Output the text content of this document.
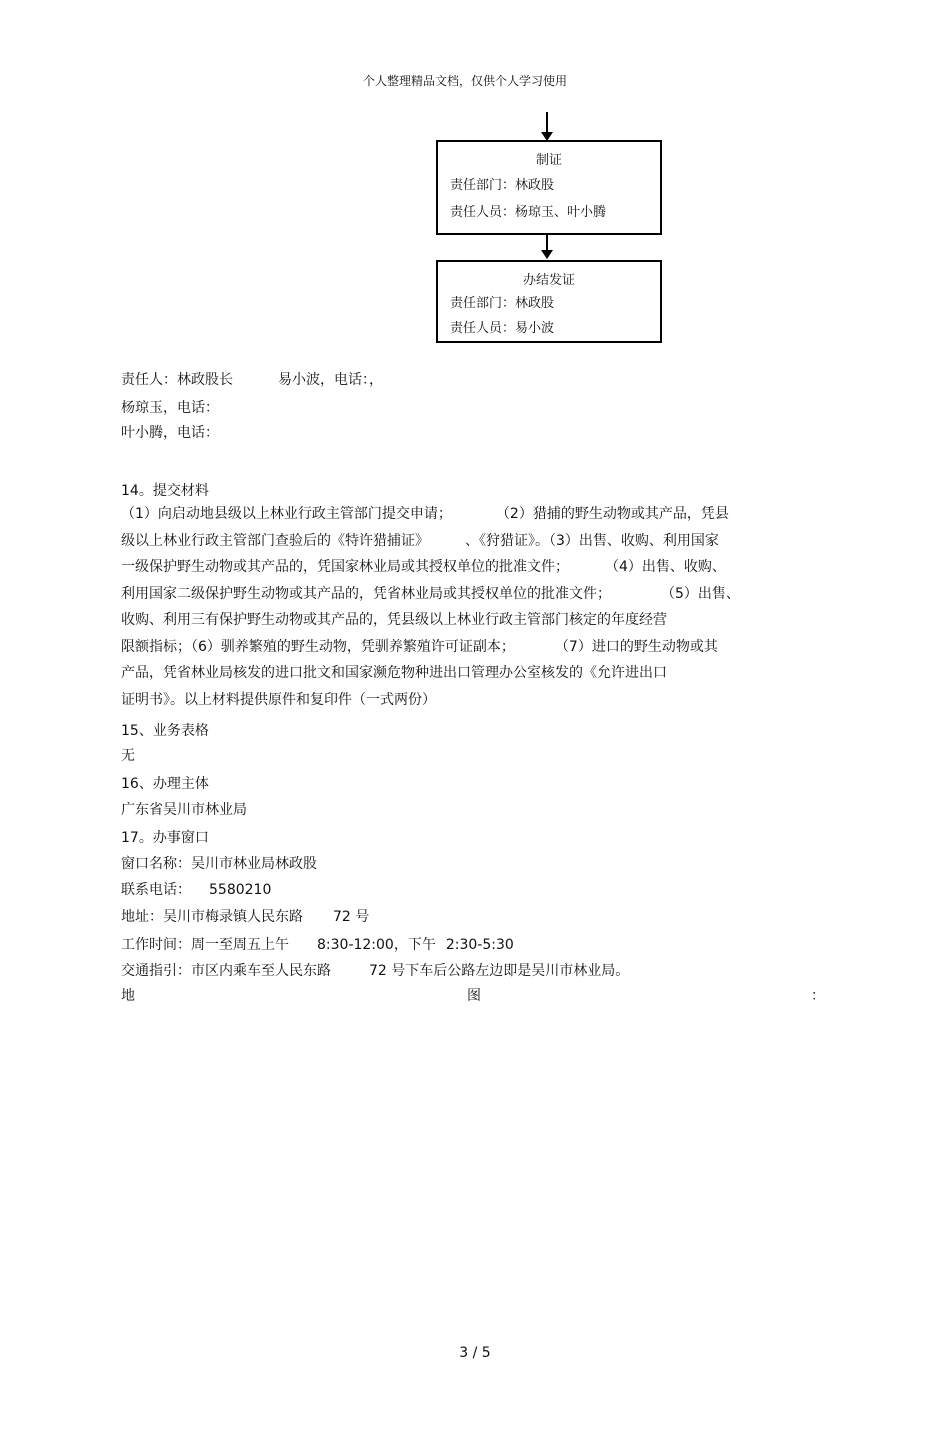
个人整理精品文档，仅供个人学习使用
制证
责任部门：林政股
责任人员：杨琼玉、叶小腾
办结发证
责任部门：林政股
责任人员：易小波
责任人：林政股长	易小波，电话：，
杨琼玉，电话：
叶小腾，电话：
14。提交材料
（1）向启动地县级以上林业行政主管部门提交申请；	（2）猎捕的野生动物或其产品，凭县
级以上林业行政主管部门查验后的《特许猎捕证》	、《狩猎证》。（3）出售、收购、利用国家
一级保护野生动物或其产品的，凭国家林业局或其授权单位的批准文件；	（4）出售、收购、
利用国家二级保护野生动物或其产品的，凭省林业局或其授权单位的批准文件；	（5）出售、
收购、利用三有保护野生动物或其产品的，凭县级以上林业行政主管部门核定的年度经营
限额指标；（6）驯养繁殖的野生动物，凭驯养繁殖许可证副本；	（7）进口的野生动物或其
产品，凭省林业局核发的进口批文和国家濒危物种进出口管理办公室核发的《允许进出口
证明书》。以上材料提供原件和复印件（一式两份）
15、业务表格
无
16、办理主体
广东省吴川市林业局
17。办事窗口
窗口名称：吴川市林业局林政股
联系电话： 5580210
地址：吴川市梅录镇人民东路 72 号
工作时间：周一至周五上午 8:30-12:00，下午 2:30-5:30
交通指引：市区内乘车至人民东路	72 号下车后公路左边即是吴川市林业局。
地	图	：
3 / 5
